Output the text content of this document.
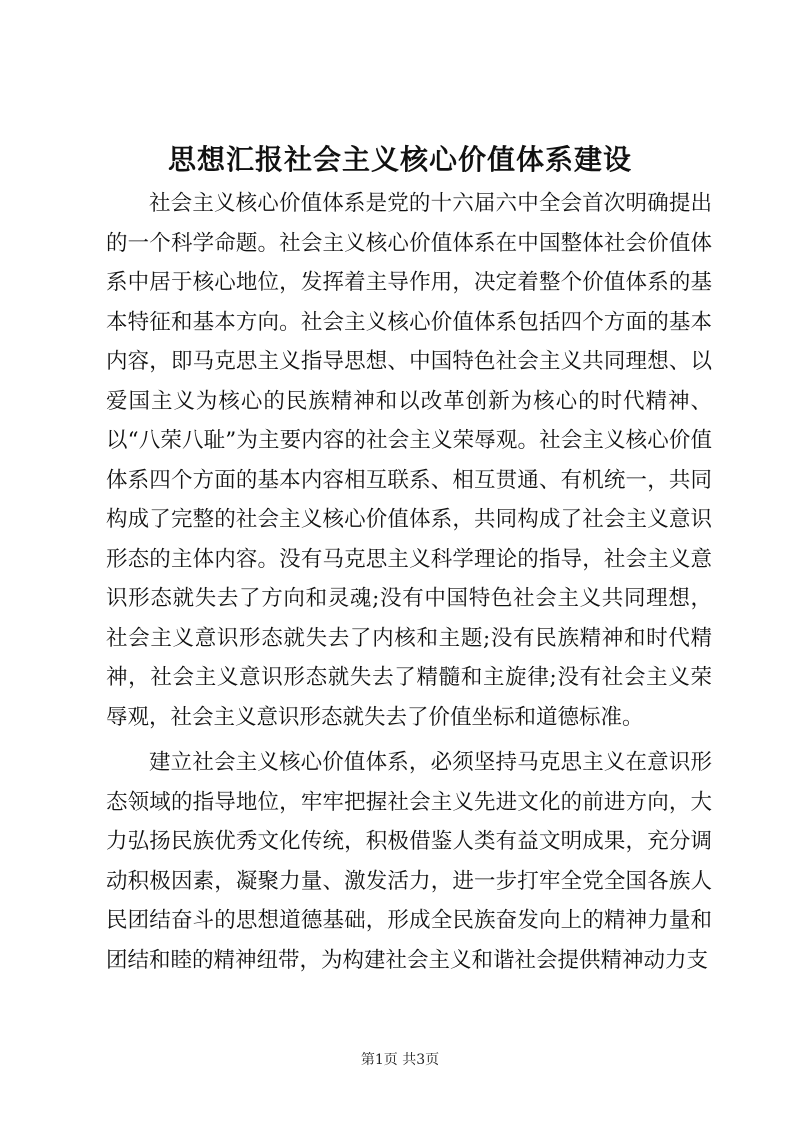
思想汇报社会主义核心价值体系建设

社会主义核心价值体系是党的十六届六中全会首次明确提出的一个科学命题。社会主义核心价值体系在中国整体社会价值体系中居于核心地位，发挥着主导作用，决定着整个价值体系的基本特征和基本方向。社会主义核心价值体系包括四个方面的基本内容，即马克思主义指导思想、中国特色社会主义共同理想、以爱国主义为核心的民族精神和以改革创新为核心的时代精神、以“八荣八耻”为主要内容的社会主义荣辱观。社会主义核心价值体系四个方面的基本内容相互联系、相互贯通、有机统一，共同构成了完整的社会主义核心价值体系，共同构成了社会主义意识形态的主体内容。没有马克思主义科学理论的指导，社会主义意识形态就失去了方向和灵魂;没有中国特色社会主义共同理想，社会主义意识形态就失去了内核和主题;没有民族精神和时代精神，社会主义意识形态就失去了精髓和主旋律;没有社会主义荣辱观，社会主义意识形态就失去了价值坐标和道德标准。

建立社会主义核心价值体系，必须坚持马克思主义在意识形态领域的指导地位，牢牢把握社会主义先进文化的前进方向，大力弘扬民族优秀文化传统，积极借鉴人类有益文明成果，充分调动积极因素，凝聚力量、激发活力，进一步打牢全党全国各族人民团结奋斗的思想道德基础，形成全民族奋发向上的精神力量和团结和睦的精神纽带，为构建社会主义和谐社会提供精神动力支

第1页 共3页
